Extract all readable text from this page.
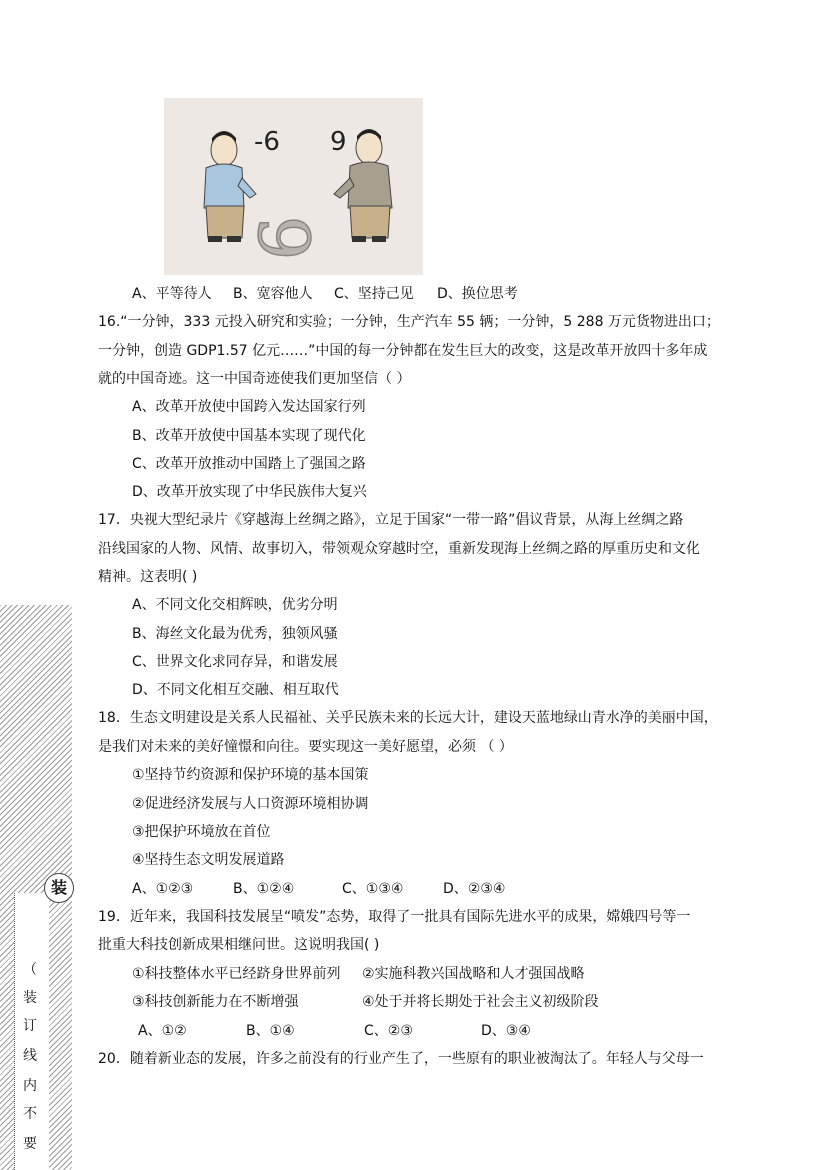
6
-6 9
A、平等待人 B、宽容他人 C、坚持己见 D、换位思考
16.“一分钟，333 元投入研究和实验；一分钟，生产汽车 55 辆；一分钟，5 288 万元货物进出口；
一分钟，创造 GDP1.57 亿元……”中国的每一分钟都在发生巨大的改变，这是改革开放四十多年成
就的中国奇迹。这一中国奇迹使我们更加坚信（ ）
A、改革开放使中国跨入发达国家行列
B、改革开放使中国基本实现了现代化
C、改革开放推动中国踏上了强国之路
D、改革开放实现了中华民族伟大复兴
17．央视大型纪录片《穿越海上丝绸之路》，立足于国家“一带一路”倡议背景，从海上丝绸之路
沿线国家的人物、风情、故事切入，带领观众穿越时空，重新发现海上丝绸之路的厚重历史和文化
精神。这表明( )
A、不同文化交相辉映，优劣分明
B、海丝文化最为优秀，独领风骚
C、世界文化求同存异，和谐发展
D、不同文化相互交融、相互取代
18．生态文明建设是关系人民福祉、关乎民族未来的长远大计，建设天蓝地绿山青水净的美丽中国，
是我们对未来的美好憧憬和向往。要实现这一美好愿望，必须 （ ）
①坚持节约资源和保护环境的基本国策
②促进经济发展与人口资源环境相协调
③把保护环境放在首位
④坚持生态文明发展道路
A、①②③	B、①②④	C、①③④	D、②③④
19．近年来，我国科技发展呈“喷发”态势，取得了一批具有国际先进水平的成果，嫦娥四号等一
批重大科技创新成果相继问世。这说明我国( )
①科技整体水平已经跻身世界前列 ②实施科教兴国战略和人才强国战略
③科技创新能力在不断增强	④处于并将长期处于社会主义初级阶段
A、①②	B、①④	C、②③	D、③④
20．随着新业态的发展，许多之前没有的行业产生了，一些原有的职业被淘汰了。年轻人与父母一
装
（
装
订
线
内
不
要
